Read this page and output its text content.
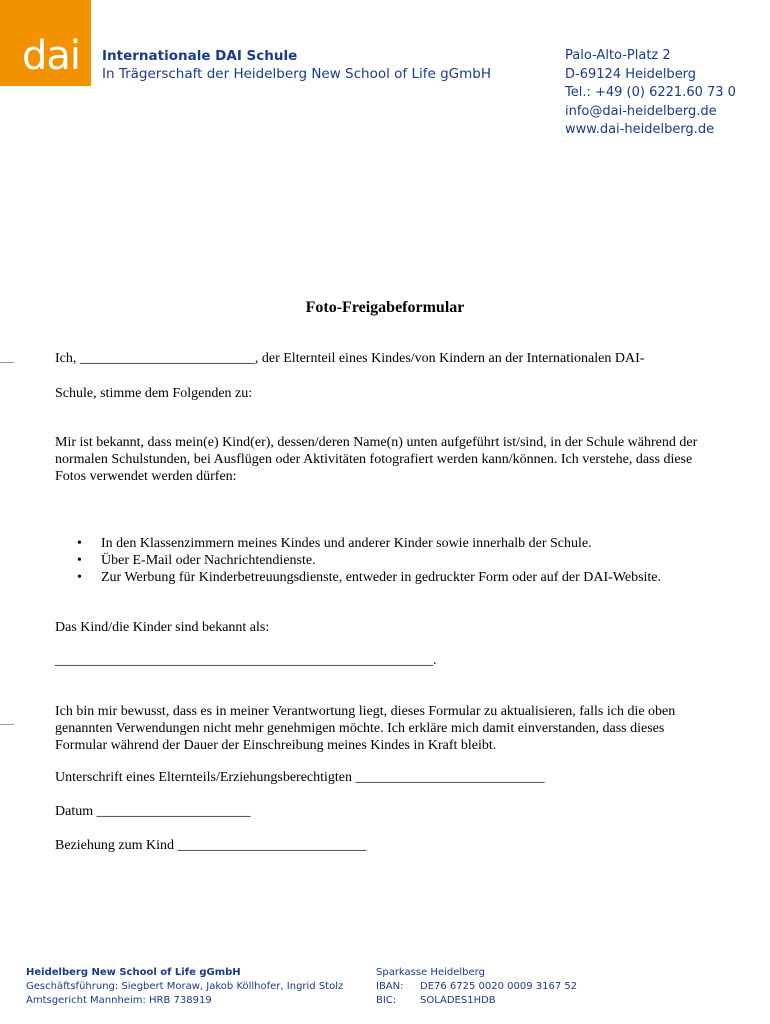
dai Internationale DAI Schule
In Trägerschaft der Heidelberg New School of Life gGmbH
Palo-Alto-Platz 2
D-69124 Heidelberg
Tel.: +49 (0) 6221.60 73 0
info@dai-heidelberg.de
www.dai-heidelberg.de
Foto-Freigabeformular

Ich, _________________________, der Elternteil eines Kindes/von Kindern an der Internationalen DAI-

Schule, stimme dem Folgenden zu:

Mir ist bekannt, dass mein(e) Kind(er), dessen/deren Name(n) unten aufgeführt ist/sind, in der Schule während der normalen Schulstunden, bei Ausflügen oder Aktivitäten fotografiert werden kann/können. Ich verstehe, dass diese Fotos verwendet werden dürfen:

• In den Klassenzimmern meines Kindes und anderer Kinder sowie innerhalb der Schule.
• Über E-Mail oder Nachrichtendienste.
• Zur Werbung für Kinderbetreuungsdienste, entweder in gedruckter Form oder auf der DAI-Website.

Das Kind/die Kinder sind bekannt als:

______________________________________________________.

Ich bin mir bewusst, dass es in meiner Verantwortung liegt, dieses Formular zu aktualisieren, falls ich die oben genannten Verwendungen nicht mehr genehmigen möchte. Ich erkläre mich damit einverstanden, dass dieses Formular während der Dauer der Einschreibung meines Kindes in Kraft bleibt.

Unterschrift eines Elternteils/Erziehungsberechtigten ___________________________

Datum ______________________

Beziehung zum Kind ___________________________

Heidelberg New School of Life gGmbH
Geschäftsführung: Siegbert Moraw, Jakob Köllhofer, Ingrid Stolz
Amtsgericht Mannheim: HRB 738919
Sparkasse Heidelberg
IBAN: DE76 6725 0020 0009 3167 52
BIC: SOLADES1HDB
